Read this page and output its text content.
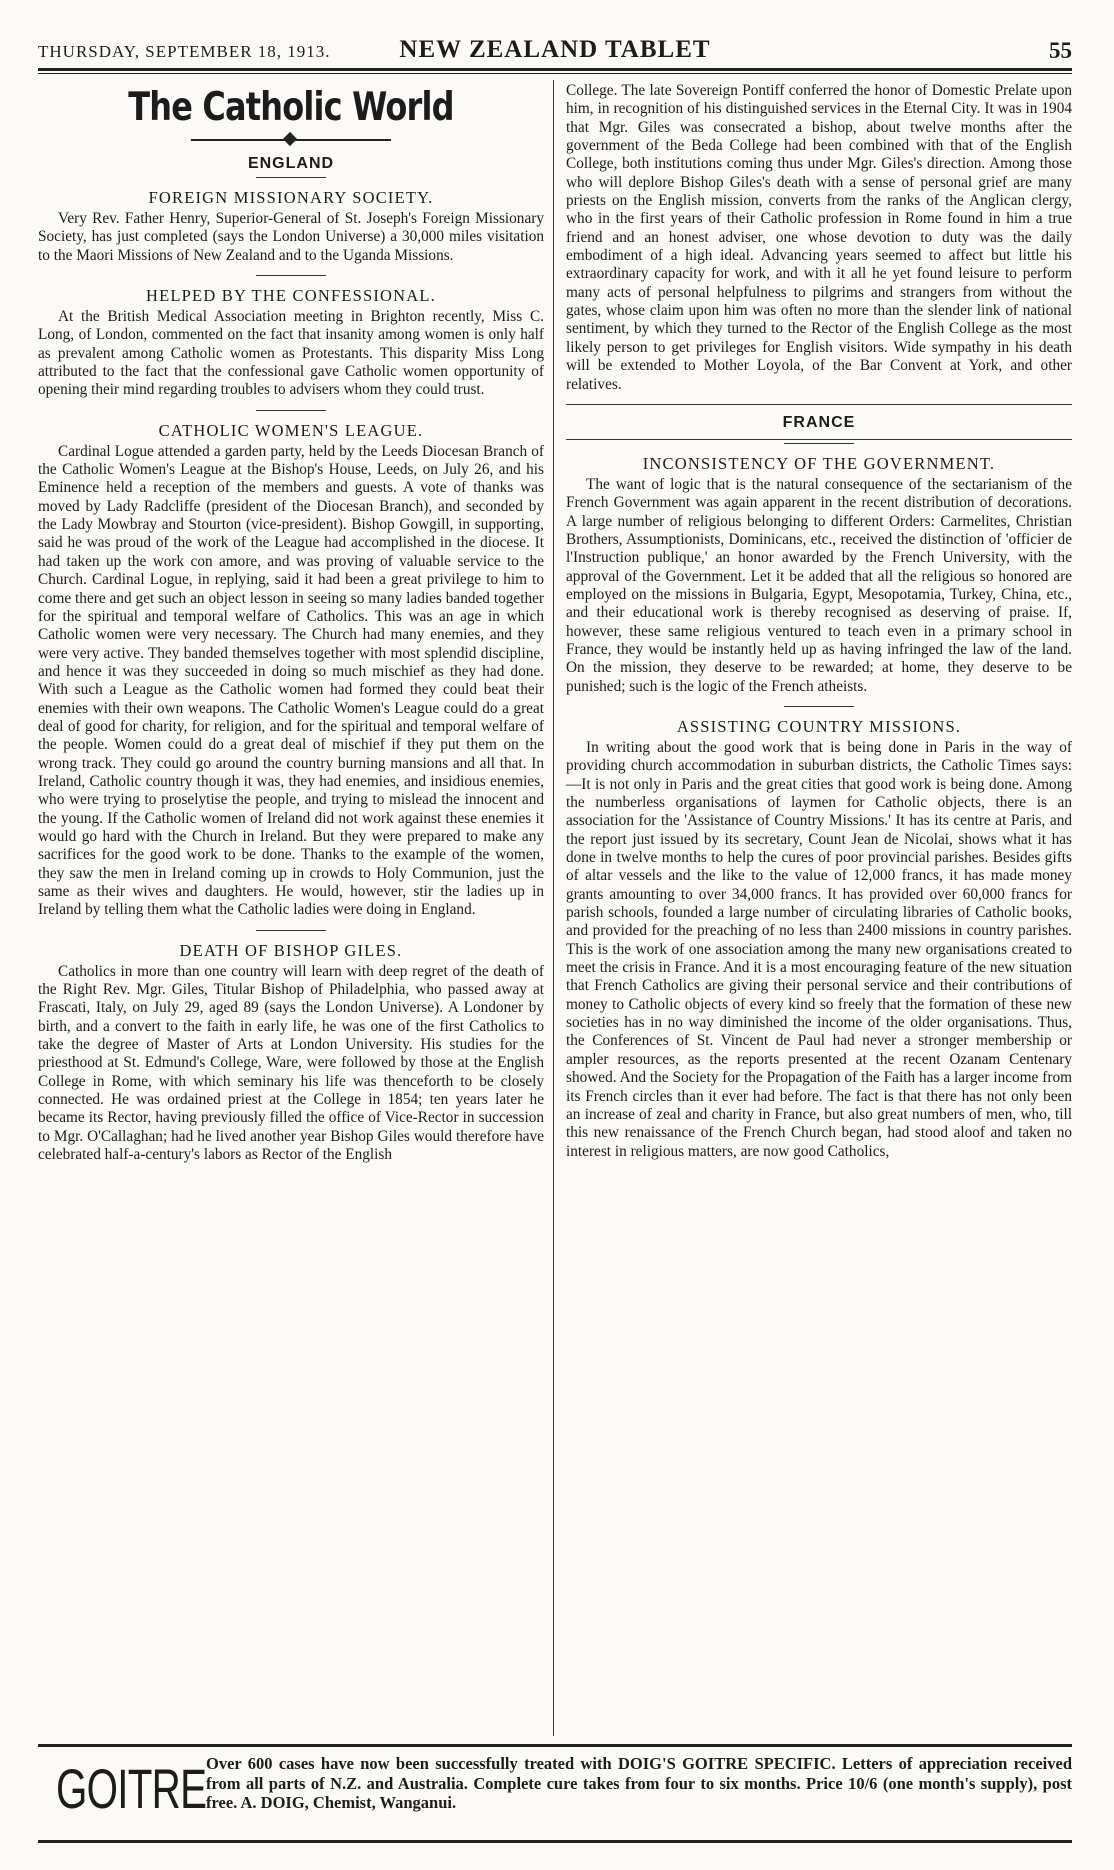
THURSDAY, SEPTEMBER 18, 1913.	NEW ZEALAND TABLET	55
The Catholic World
ENGLAND
FOREIGN MISSIONARY SOCIETY.

Very Rev. Father Henry, Superior-General of St. Joseph's Foreign Missionary Society, has just completed (says the London Universe) a 30,000 miles visitation to the Maori Missions of New Zealand and to the Uganda Missions.

HELPED BY THE CONFESSIONAL.

At the British Medical Association meeting in Brighton recently, Miss C. Long, of London, commented on the fact that insanity among women is only half as prevalent among Catholic women as Protestants. This disparity Miss Long attributed to the fact that the confessional gave Catholic women opportunity of opening their mind regarding troubles to advisers whom they could trust.

CATHOLIC WOMEN'S LEAGUE.

Cardinal Logue attended a garden party, held by the Leeds Diocesan Branch of the Catholic Women's League at the Bishop's House, Leeds, on July 26, and his Eminence held a reception of the members and guests. A vote of thanks was moved by Lady Radcliffe (president of the Diocesan Branch), and seconded by the Lady Mowbray and Stourton (vice-president). Bishop Gowgill, in supporting, said he was proud of the work of the League had accomplished in the diocese. It had taken up the work con amore, and was proving of valuable service to the Church. Cardinal Logue, in replying, said it had been a great privilege to him to come there and get such an object lesson in seeing so many ladies banded together for the spiritual and temporal welfare of Catholics. This was an age in which Catholic women were very necessary. The Church had many enemies, and they were very active. They banded themselves together with most splendid discipline, and hence it was they succeeded in doing so much mischief as they had done. With such a League as the Catholic women had formed they could beat their enemies with their own weapons. The Catholic Women's League could do a great deal of good for charity, for religion, and for the spiritual and temporal welfare of the people. Women could do a great deal of mischief if they put them on the wrong track. They could go around the country burning mansions and all that. In Ireland, Catholic country though it was, they had enemies, and insidious enemies, who were trying to proselytise the people, and trying to mislead the innocent and the young. If the Catholic women of Ireland did not work against these enemies it would go hard with the Church in Ireland. But they were prepared to make any sacrifices for the good work to be done. Thanks to the example of the women, they saw the men in Ireland coming up in crowds to Holy Communion, just the same as their wives and daughters. He would, however, stir the ladies up in Ireland by telling them what the Catholic ladies were doing in England.

DEATH OF BISHOP GILES.

Catholics in more than one country will learn with deep regret of the death of the Right Rev. Mgr. Giles, Titular Bishop of Philadelphia, who passed away at Frascati, Italy, on July 29, aged 89 (says the London Universe). A Londoner by birth, and a convert to the faith in early life, he was one of the first Catholics to take the degree of Master of Arts at London University. His studies for the priesthood at St. Edmund's College, Ware, were followed by those at the English College in Rome, with which seminary his life was thenceforth to be closely connected. He was ordained priest at the College in 1854; ten years later he became its Rector, having previously filled the office of Vice-Rector in succession to Mgr. O'Callaghan; had he lived another year Bishop Giles would therefore have celebrated half-a-century's labors as Rector of the English

College. The late Sovereign Pontiff conferred the honor of Domestic Prelate upon him, in recognition of his distinguished services in the Eternal City. It was in 1904 that Mgr. Giles was consecrated a bishop, about twelve months after the government of the Beda College had been combined with that of the English College, both institutions coming thus under Mgr. Giles's direction. Among those who will deplore Bishop Giles's death with a sense of personal grief are many priests on the English mission, converts from the ranks of the Anglican clergy, who in the first years of their Catholic profession in Rome found in him a true friend and an honest adviser, one whose devotion to duty was the daily embodiment of a high ideal. Advancing years seemed to affect but little his extraordinary capacity for work, and with it all he yet found leisure to perform many acts of personal helpfulness to pilgrims and strangers from without the gates, whose claim upon him was often no more than the slender link of national sentiment, by which they turned to the Rector of the English College as the most likely person to get privileges for English visitors. Wide sympathy in his death will be extended to Mother Loyola, of the Bar Convent at York, and other relatives.

FRANCE
INCONSISTENCY OF THE GOVERNMENT.

The want of logic that is the natural consequence of the sectarianism of the French Government was again apparent in the recent distribution of decorations. A large number of religious belonging to different Orders: Carmelites, Christian Brothers, Assumptionists, Dominicans, etc., received the distinction of 'officier de l'Instruction publique,' an honor awarded by the French University, with the approval of the Government. Let it be added that all the religious so honored are employed on the missions in Bulgaria, Egypt, Mesopotamia, Turkey, China, etc., and their educational work is thereby recognised as deserving of praise. If, however, these same religious ventured to teach even in a primary school in France, they would be instantly held up as having infringed the law of the land. On the mission, they deserve to be rewarded; at home, they deserve to be punished; such is the logic of the French atheists.

ASSISTING COUNTRY MISSIONS.

In writing about the good work that is being done in Paris in the way of providing church accommodation in suburban districts, the Catholic Times says:—It is not only in Paris and the great cities that good work is being done. Among the numberless organisations of laymen for Catholic objects, there is an association for the 'Assistance of Country Missions.' It has its centre at Paris, and the report just issued by its secretary, Count Jean de Nicolai, shows what it has done in twelve months to help the cures of poor provincial parishes. Besides gifts of altar vessels and the like to the value of 12,000 francs, it has made money grants amounting to over 34,000 francs. It has provided over 60,000 francs for parish schools, founded a large number of circulating libraries of Catholic books, and provided for the preaching of no less than 2400 missions in country parishes. This is the work of one association among the many new organisations created to meet the crisis in France. And it is a most encouraging feature of the new situation that French Catholics are giving their personal service and their contributions of money to Catholic objects of every kind so freely that the formation of these new societies has in no way diminished the income of the older organisations. Thus, the Conferences of St. Vincent de Paul had never a stronger membership or ampler resources, as the reports presented at the recent Ozanam Centenary showed. And the Society for the Propagation of the Faith has a larger income from its French circles than it ever had before. The fact is that there has not only been an increase of zeal and charity in France, but also great numbers of men, who, till this new renaissance of the French Church began, had stood aloof and taken no interest in religious matters, are now good Catholics,

GOITRE Over 600 cases have now been successfully treated with DOIG'S GOITRE SPECIFIC. Letters of appreciation received from all parts of N.Z. and Australia. Complete cure takes from four to six months. Price 10/6 (one month's supply), post free. A. DOIG, Chemist, Wanganui.
